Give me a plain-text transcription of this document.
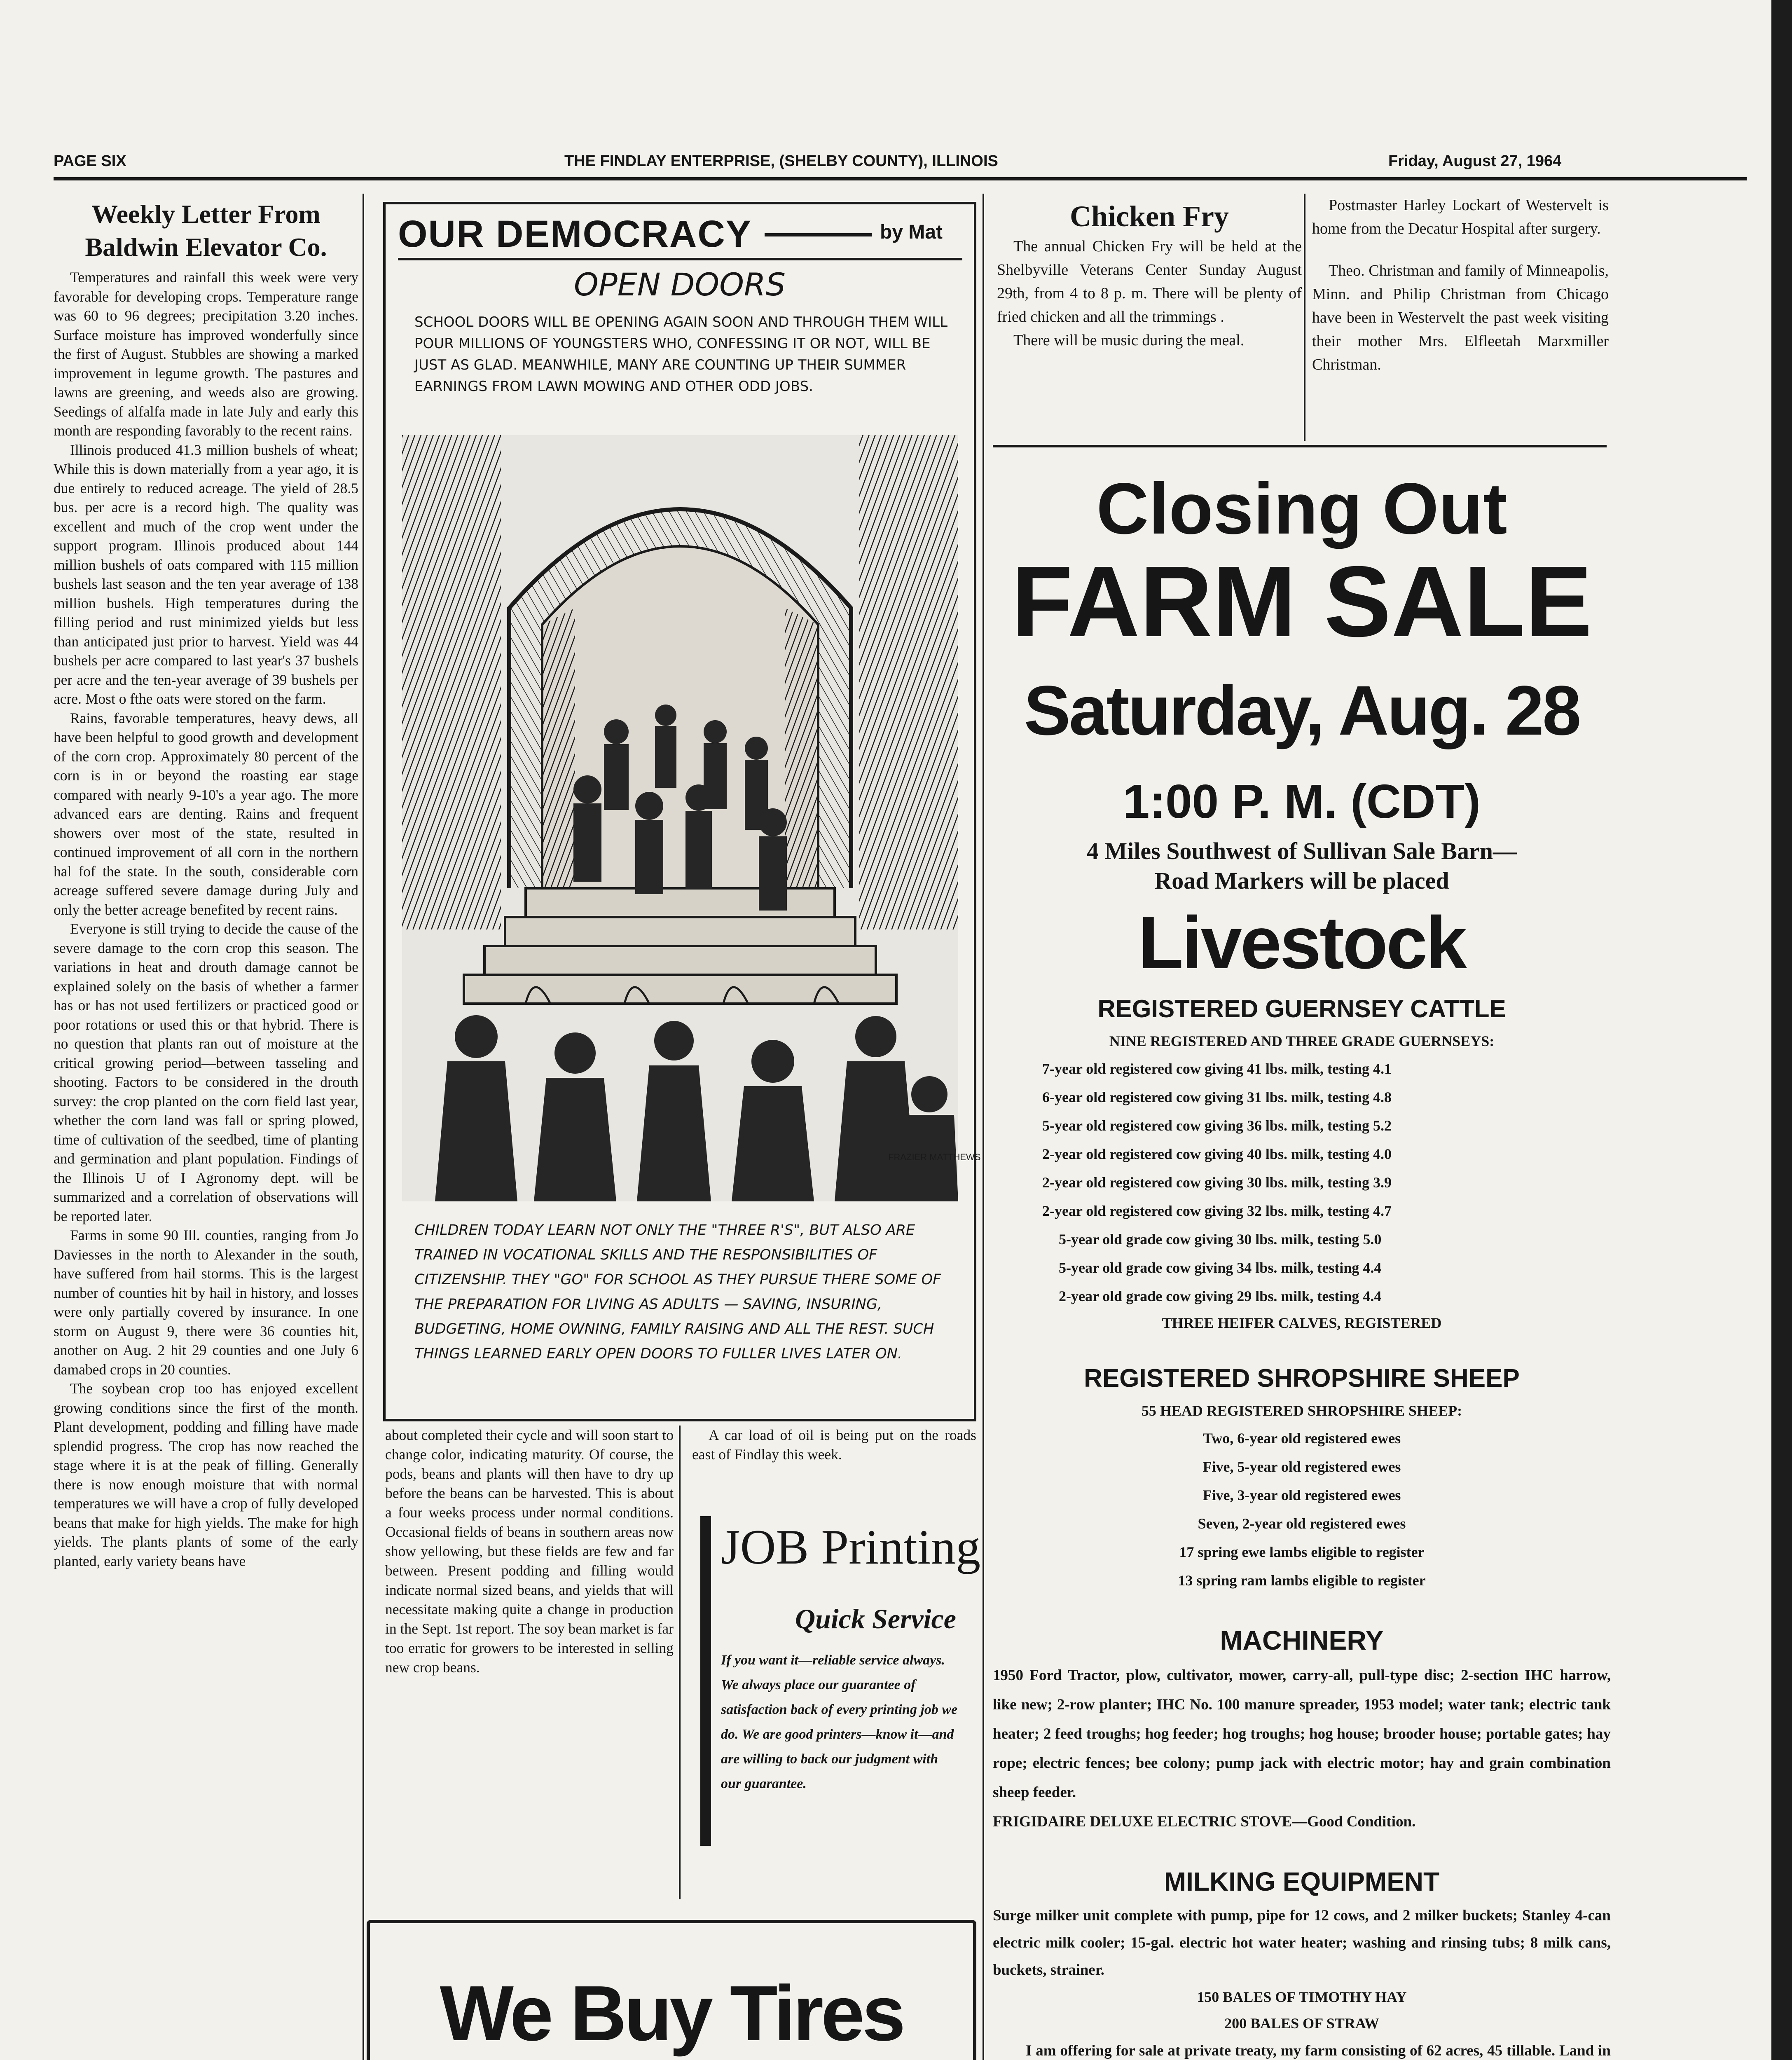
PAGE SIX	THE FINDLAY ENTERPRISE, (SHELBY COUNTY), ILLINOIS	Friday, August 27, 1964
Weekly Letter From
Baldwin Elevator Co.

Temperatures and rainfall this week were very favorable for developing crops. Temperature range was 60 to 96 degrees; precipitation 3.20 inches. Surface moisture has improved wonderfully since the first of August. Stubbles are showing a marked improvement in legume growth. The pastures and lawns are greening, and weeds also are growing. Seedings of alfalfa made in late July and early this month are responding favorably to the recent rains.

Illinois produced 41.3 million bushels of wheat; While this is down materially from a year ago, it is due entirely to reduced acreage. The yield of 28.5 bus. per acre is a record high. The quality was excellent and much of the crop went under the support program. Illinois produced about 144 million bushels of oats compared with 115 million bushels last season and the ten year average of 138 million bushels. High temperatures during the filling period and rust minimized yields but less than anticipated just prior to harvest. Yield was 44 bushels per acre compared to last year's 37 bushels per acre and the ten-year average of 39 bushels per acre. Most o fthe oats were stored on the farm.

Rains, favorable temperatures, heavy dews, all have been helpful to good growth and development of the corn crop. Approximately 80 percent of the corn is in or beyond the roasting ear stage compared with nearly 9-10's a year ago. The more advanced ears are denting. Rains and frequent showers over most of the state, resulted in continued improvement of all corn in the northern hal fof the state. In the south, considerable corn acreage suffered severe damage during July and only the better acreage benefited by recent rains.

Everyone is still trying to decide the cause of the severe damage to the corn crop this season. The variations in heat and drouth damage cannot be explained solely on the basis of whether a farmer has or has not used fertilizers or practiced good or poor rotations or used this or that hybrid. There is no question that plants ran out of moisture at the critical growing period—between tasseling and shooting. Factors to be considered in the drouth survey: the crop planted on the corn field last year, whether the corn land was fall or spring plowed, time of cultivation of the seedbed, time of planting and germination and plant population. Findings of the Illinois U of I Agronomy dept. will be summarized and a correlation of observations will be reported later.

Farms in some 90 Ill. counties, ranging from Jo Daviesses in the north to Alexander in the south, have suffered from hail storms. This is the largest number of counties hit by hail in history, and losses were only partially covered by insurance. In one storm on August 9, there were 36 counties hit, another on Aug. 2 hit 29 counties and one July 6 damabed crops in 20 counties.

The soybean crop too has enjoyed excellent growing conditions since the first of the month. Plant development, podding and filling have made splendid progress. The crop has now reached the stage where it is at the peak of filling. Generally there is now enough moisture that with normal temperatures we will have a crop of fully developed beans that make for high yields. The make for high yields. The plants plants of some of the early planted, early variety beans have

OUR DEMOCRACY	by Mat
OPEN DOORS
SCHOOL DOORS WILL BE OPENING AGAIN SOON AND THROUGH THEM WILL POUR MILLIONS OF YOUNGSTERS WHO, CONFESSING IT OR NOT, WILL BE JUST AS GLAD. MEANWHILE, MANY ARE COUNTING UP THEIR SUMMER EARNINGS FROM LAWN MOWING AND OTHER ODD JOBS.
FRAZIER MATTHEWS
CHILDREN TODAY LEARN NOT ONLY THE "THREE R'S", BUT ALSO ARE TRAINED IN VOCATIONAL SKILLS AND THE RESPONSIBILITIES OF CITIZENSHIP. THEY "GO" FOR SCHOOL AS THEY PURSUE THERE SOME OF THE PREPARATION FOR LIVING AS ADULTS — SAVING, INSURING, BUDGETING, HOME OWNING, FAMILY RAISING AND ALL THE REST. SUCH THINGS LEARNED EARLY OPEN DOORS TO FULLER LIVES LATER ON.
about completed their cycle and will soon start to change color, indicating maturity. Of course, the pods, beans and plants will then have to dry up before the beans can be harvested. This is about a four weeks process under normal conditions. Occasional fields of beans in southern areas now show yellowing, but these fields are few and far between. Present podding and filling would indicate normal sized beans, and yields that will necessitate making quite a change in production in the Sept. 1st report. The soy bean market is far too erratic for growers to be interested in selling new crop beans.
A car load of oil is being put on the roads east of Findlay this week.
JOB Printing
Quick Service
If you want it—reliable service always. We always place our guarantee of satisfaction back of every printing job we do. We are good printers—know it—and are willing to back our judgment with our guarantee.
We Buy Tires
Chicken Fry
The annual Chicken Fry will be held at the Shelbyville Veterans Center Sunday August 29th, from 4 to 8 p. m. There will be plenty of fried chicken and all the trimmings .
There will be music during the meal.
Postmaster Harley Lockart of Westervelt is home from the Decatur Hospital after surgery.
Theo. Christman and family of Minneapolis, Minn. and Philip Christman from Chicago have been in Westervelt the past week visiting their mother Mrs. Elfleetah Marxmiller Christman.
Closing Out
FARM SALE
Saturday, Aug. 28
1:00 P. M. (CDT)
4 Miles Southwest of Sullivan Sale Barn—
Road Markers will be placed
Livestock
REGISTERED GUERNSEY CATTLE
NINE REGISTERED AND THREE GRADE GUERNSEYS:
7-year old registered cow giving 41 lbs. milk, testing 4.1
6-year old registered cow giving 31 lbs. milk, testing 4.8
5-year old registered cow giving 36 lbs. milk, testing 5.2
2-year old registered cow giving 40 lbs. milk, testing 4.0
2-year old registered cow giving 30 lbs. milk, testing 3.9
2-year old registered cow giving 32 lbs. milk, testing 4.7
5-year old grade cow giving 30 lbs. milk, testing 5.0
5-year old grade cow giving 34 lbs. milk, testing 4.4
2-year old grade cow giving 29 lbs. milk, testing 4.4
THREE HEIFER CALVES, REGISTERED
REGISTERED SHROPSHIRE SHEEP
55 HEAD REGISTERED SHROPSHIRE SHEEP:
Two, 6-year old registered ewes
Five, 5-year old registered ewes
Five, 3-year old registered ewes
Seven, 2-year old registered ewes
17 spring ewe lambs eligible to register
13 spring ram lambs eligible to register
MACHINERY
1950 Ford Tractor, plow, cultivator, mower, carry-all, pull-type disc; 2-section IHC harrow, like new; 2-row planter; IHC No. 100 manure spreader, 1953 model; water tank; electric tank heater; 2 feed troughs; hog feeder; hog troughs; hog house; brooder house; portable gates; hay rope; electric fences; bee colony; pump jack with electric motor; hay and grain combination sheep feeder.
FRIGIDAIRE DELUXE ELECTRIC STOVE—Good Condition.
MILKING EQUIPMENT
Surge milker unit complete with pump, pipe for 12 cows, and 2 milker buckets; Stanley 4-can electric milk cooler; 15-gal. electric hot water heater; washing and rinsing tubs; 8 milk cans, buckets, strainer.
150 BALES OF TIMOTHY HAY
200 BALES OF STRAW
I am offering for sale at private treaty, my farm consisting of 62 acres, 45 tillable. Land in
